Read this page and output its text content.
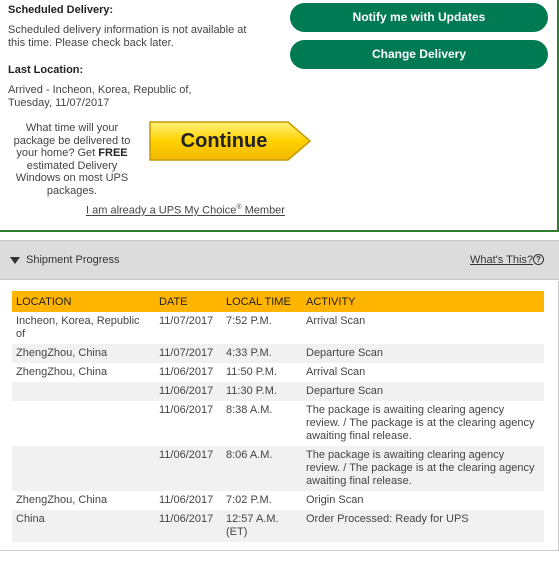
Scheduled Delivery:
Scheduled delivery information is not available at this time. Please check back later.
Last Location:
Arrived - Incheon, Korea, Republic of,
Tuesday, 11/07/2017
Notify me with Updates
Change Delivery
What time will your package be delivered to your home? Get FREE estimated Delivery Windows on most UPS packages.
Continue
I am already a UPS My Choice® Member
Shipment Progress	What's This? ?
LOCATION	DATE	LOCAL TIME	ACTIVITY
Incheon, Korea, Republic of	11/07/2017	7:52 P.M.	Arrival Scan
ZhengZhou, China	11/07/2017	4:33 P.M.	Departure Scan
ZhengZhou, China	11/06/2017	11:50 P.M.	Arrival Scan
	11/06/2017	11:30 P.M.	Departure Scan
	11/06/2017	8:38 A.M.	The package is awaiting clearing agency review. / The package is at the clearing agency awaiting final release.
	11/06/2017	8:06 A.M.	The package is awaiting clearing agency review. / The package is at the clearing agency awaiting final release.
ZhengZhou, China	11/06/2017	7:02 P.M.	Origin Scan
China	11/06/2017	12:57 A.M. (ET)	Order Processed: Ready for UPS
